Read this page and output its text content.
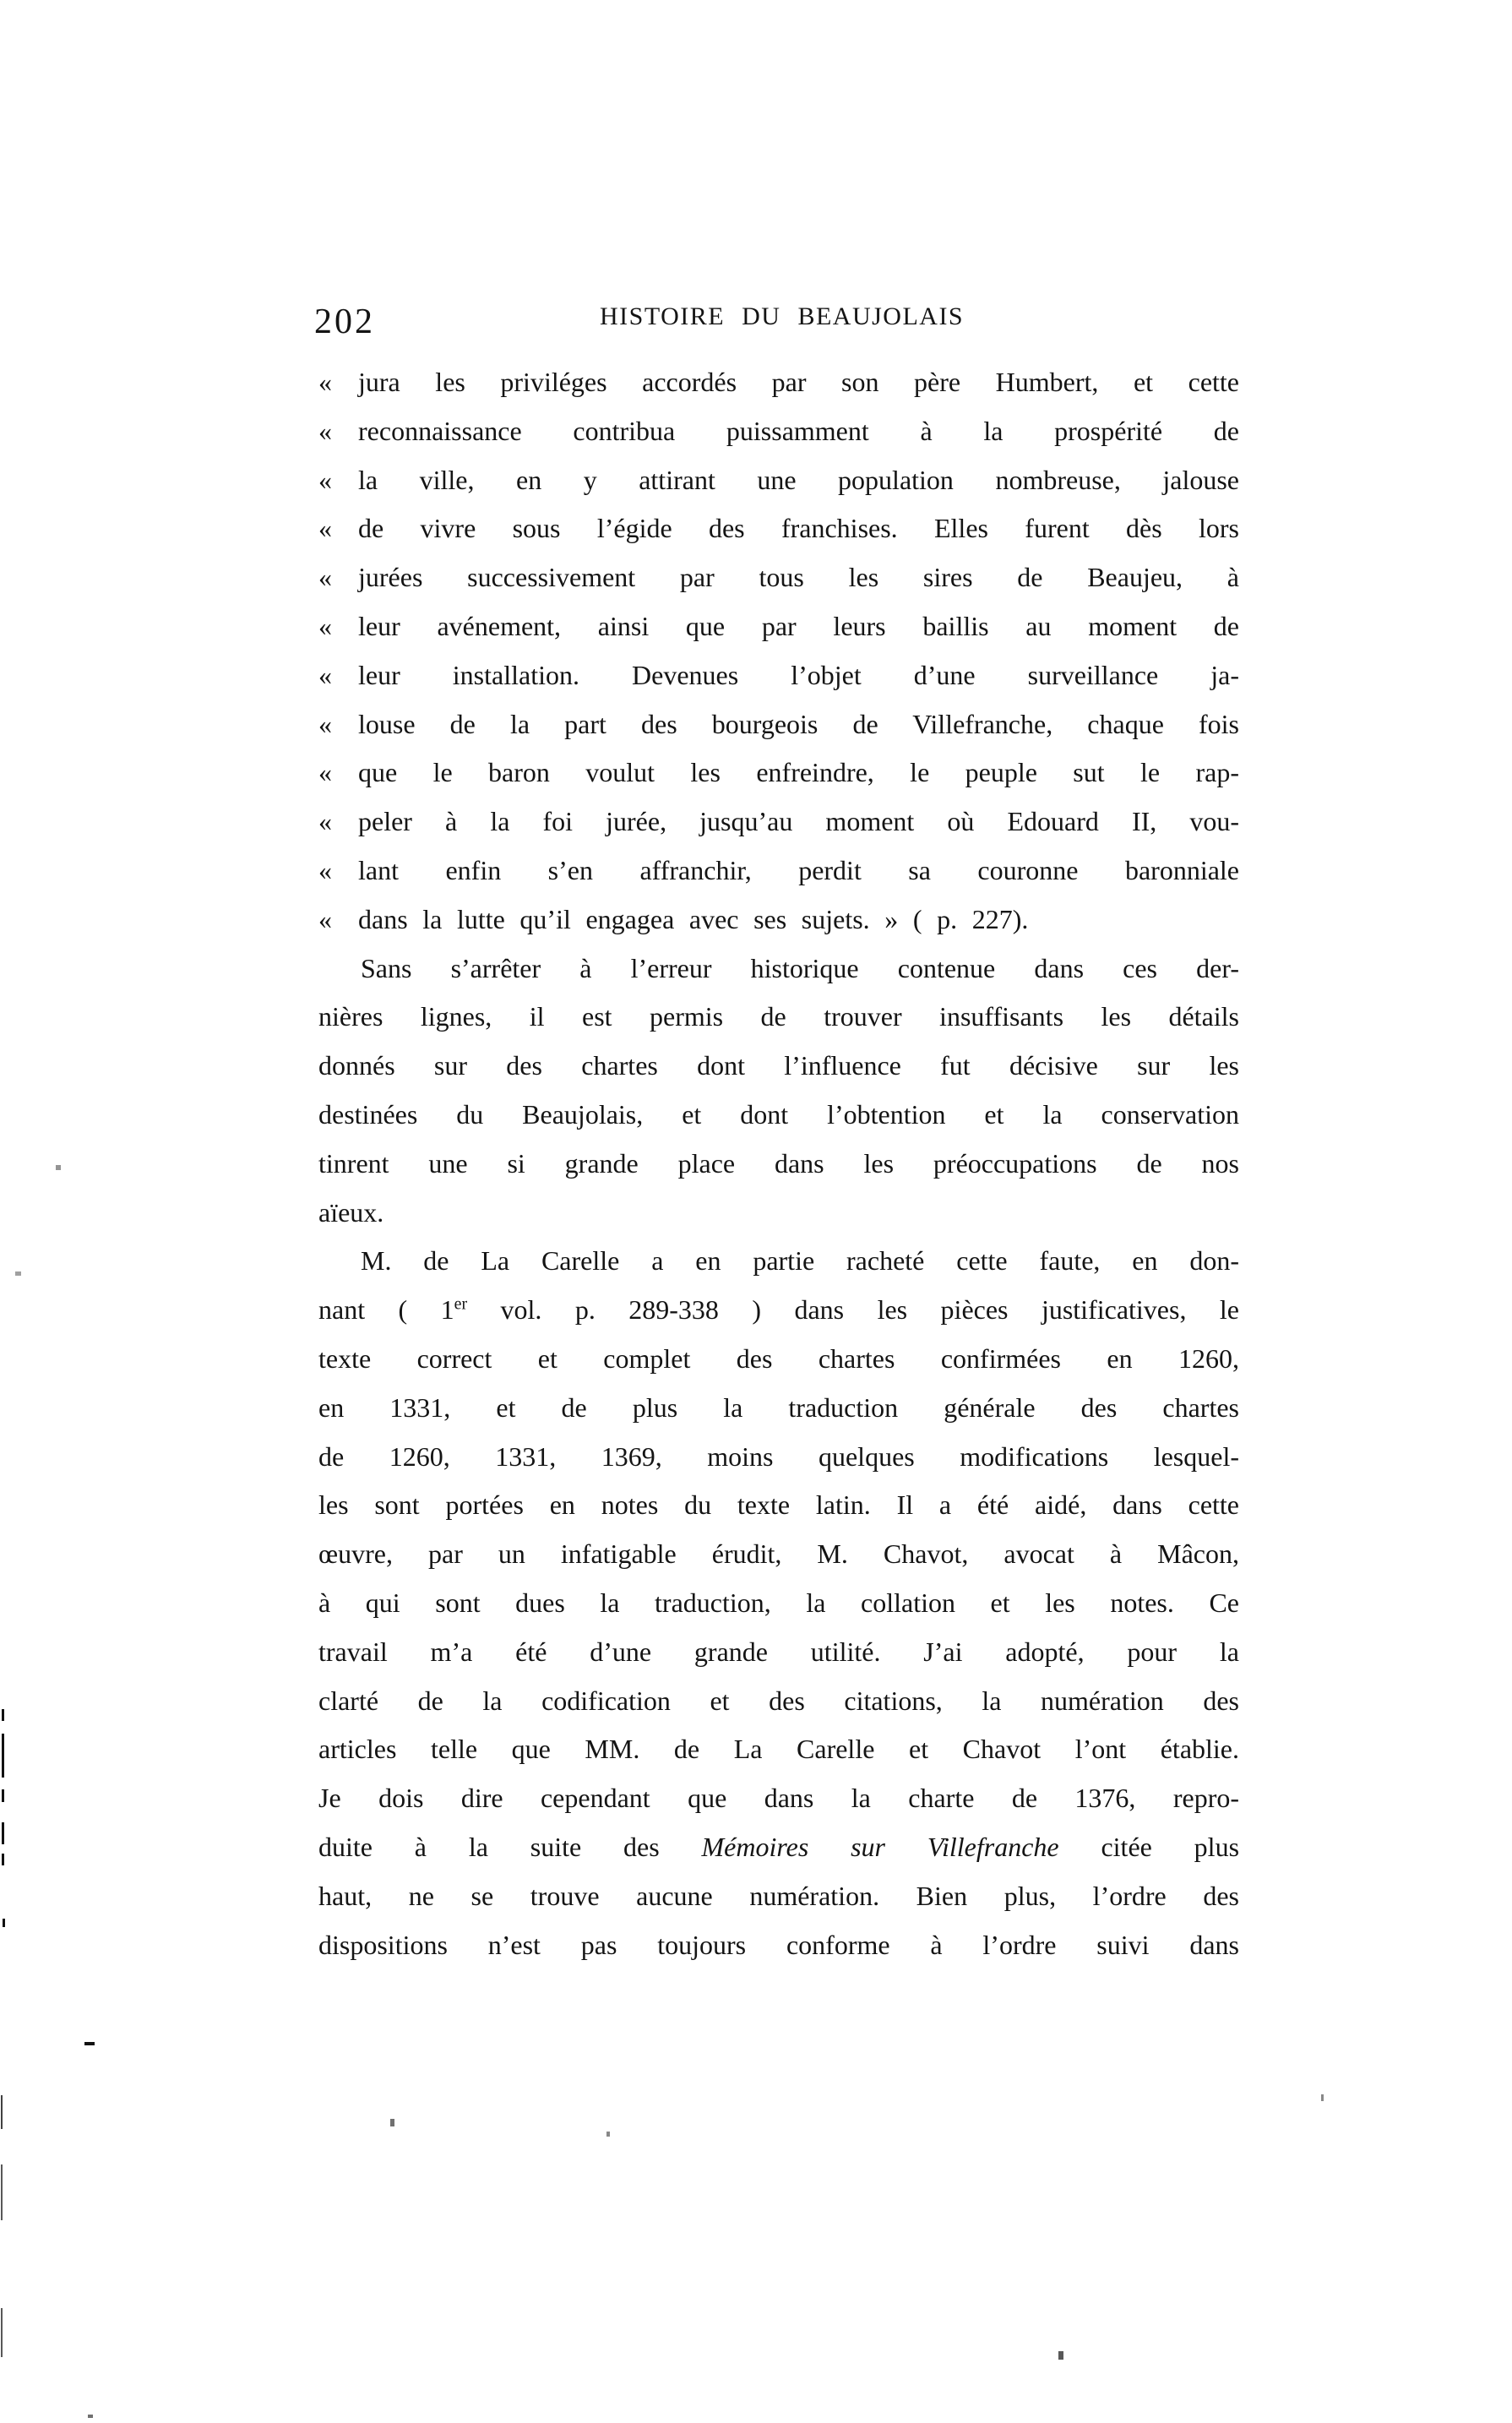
202	HISTOIRE DU BEAUJOLAIS
« jura les priviléges accordés par son père Humbert, et cette
« reconnaissance contribua puissamment à la prospérité de
« la ville, en y attirant une population nombreuse, jalouse
« de vivre sous l’égide des franchises. Elles furent dès lors
« jurées successivement par tous les sires de Beaujeu, à
« leur avénement, ainsi que par leurs baillis au moment de
« leur installation. Devenues l’objet d’une surveillance ja-
« louse de la part des bourgeois de Villefranche, chaque fois
« que le baron voulut les enfreindre, le peuple sut le rap-
« peler à la foi jurée, jusqu’au moment où Edouard II, vou-
« lant enfin s’en affranchir, perdit sa couronne baronniale
« dans la lutte qu’il engagea avec ses sujets. » ( p. 227).
Sans s’arrêter à l’erreur historique contenue dans ces der-
nières lignes, il est permis de trouver insuffisants les détails
donnés sur des chartes dont l’influence fut décisive sur les
destinées du Beaujolais, et dont l’obtention et la conservation
tinrent une si grande place dans les préoccupations de nos
aïeux.
M. de La Carelle a en partie racheté cette faute, en don-
nant ( 1er vol. p. 289-338 ) dans les pièces justificatives, le
texte correct et complet des chartes confirmées en 1260,
en 1331, et de plus la traduction générale des chartes
de 1260, 1331, 1369, moins quelques modifications lesquel-
les sont portées en notes du texte latin. Il a été aidé, dans cette
œuvre, par un infatigable érudit, M. Chavot, avocat à Mâcon,
à qui sont dues la traduction, la collation et les notes. Ce
travail m’a été d’une grande utilité. J’ai adopté, pour la
clarté de la codification et des citations, la numération des
articles telle que MM. de La Carelle et Chavot l’ont établie.
Je dois dire cependant que dans la charte de 1376, repro-
duite à la suite des Mémoires sur Villefranche citée plus
haut, ne se trouve aucune numération. Bien plus, l’ordre des
dispositions n’est pas toujours conforme à l’ordre suivi dans
